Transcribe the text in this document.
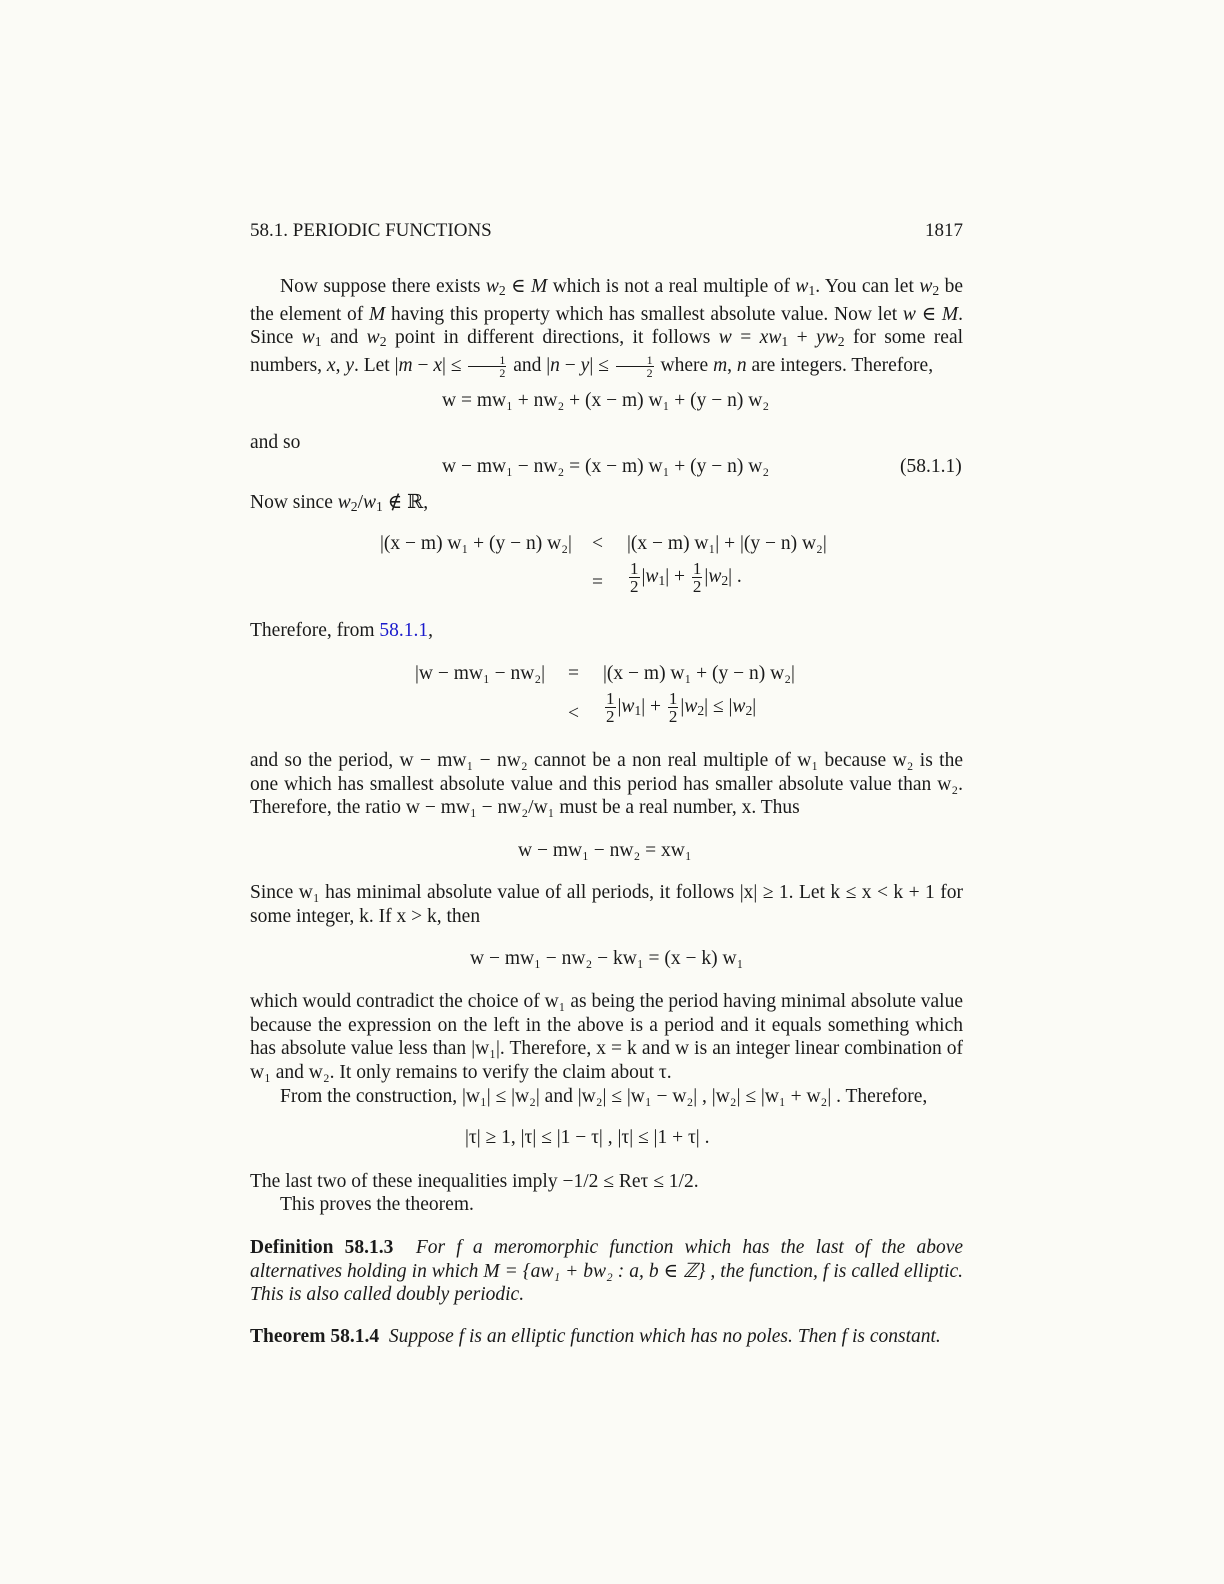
58.1. PERIODIC FUNCTIONS	1817
Now suppose there exists $w_2$ ∈ M which is not a real multiple of $w_1$. You can let $w_2$ be the element of M having this property which has smallest absolute value. Now let w ∈ M. Since $w_1$ and $w_2$ point in different directions, it follows $w = xw_1 + yw_2$ for some real numbers, x, y. Let $|m - x| \le \frac{1}{2}$ and $|n - y| \le \frac{1}{2}$ where m, n are integers. Therefore,
w = mw₁ + nw₂ + (x − m) w₁ + (y − n) w₂
and so
w − mw₁ − nw₂ = (x − m) w₁ + (y − n) w₂	(58.1.1)
Now since $w_2/w_1$ ∉ ℝ,
|(x − m) w₁ + (y − n) w₂| < |(x − m) w₁| + |(y − n) w₂|
= $\frac{1}{2} |w_1| + \frac{1}{2} |w_2|$ .
Therefore, from 58.1.1,
|w − mw₁ − nw₂| = |(x − m) w₁ + (y − n) w₂|
< $\frac{1}{2} |w_1| + \frac{1}{2} |w_2| \le |w_2|$
and so the period, w − mw₁ − nw₂ cannot be a non real multiple of w₁ because w₂ is the one which has smallest absolute value and this period has smaller absolute value than w₂. Therefore, the ratio w − mw₁ − nw₂/w₁ must be a real number, x. Thus
w − mw₁ − nw₂ = xw₁
Since w₁ has minimal absolute value of all periods, it follows |x| ≥ 1. Let k ≤ x < k + 1 for some integer, k. If x > k, then
w − mw₁ − nw₂ − kw₁ = (x − k) w₁
which would contradict the choice of w₁ as being the period having minimal absolute value because the expression on the left in the above is a period and it equals something which has absolute value less than |w₁|. Therefore, x = k and w is an integer linear combination of w₁ and w₂. It only remains to verify the claim about τ.
From the construction, |w₁| ≤ |w₂| and |w₂| ≤ |w₁ − w₂| , |w₂| ≤ |w₁ + w₂| . Therefore,
|τ| ≥ 1, |τ| ≤ |1 − τ| , |τ| ≤ |1 + τ| .
The last two of these inequalities imply −1/2 ≤ Reτ ≤ 1/2.
This proves the theorem.
Definition 58.1.3 For f a meromorphic function which has the last of the above alternatives holding in which M = {aw₁ + bw₂ : a, b ∈ ℤ} , the function, f is called elliptic. This is also called doubly periodic.
Theorem 58.1.4 Suppose f is an elliptic function which has no poles. Then f is constant.
